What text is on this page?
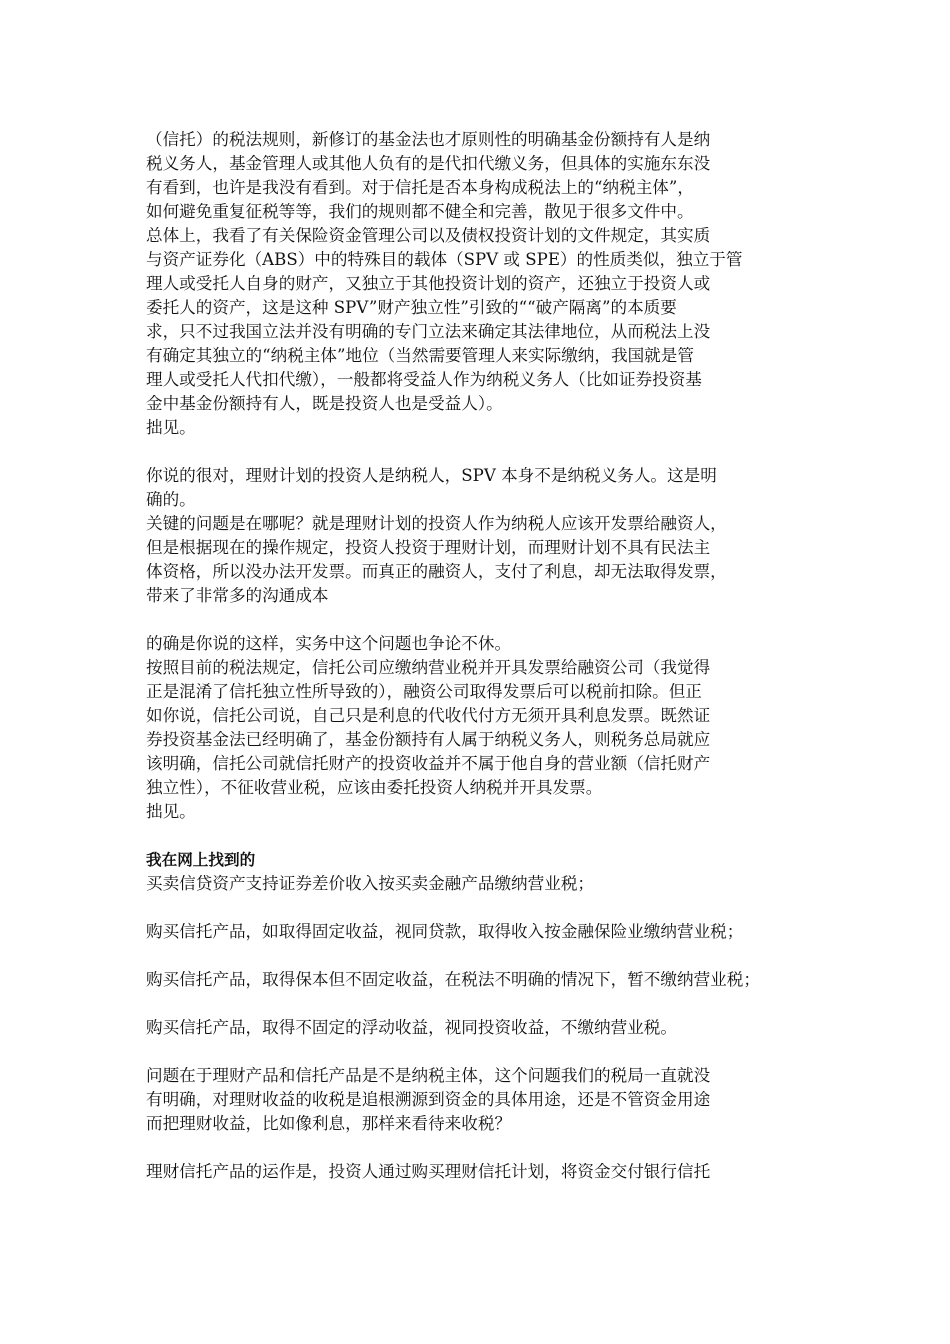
（信托）的税法规则，新修订的基金法也才原则性的明确基金份额持有人是纳
税义务人，基金管理人或其他人负有的是代扣代缴义务，但具体的实施东东没
有看到，也许是我没有看到。对于信托是否本身构成税法上的“纳税主体”，
如何避免重复征税等等，我们的规则都不健全和完善，散见于很多文件中。
总体上，我看了有关保险资金管理公司以及债权投资计划的文件规定，其实质
与资产证券化（ABS）中的特殊目的载体（SPV 或 SPE）的性质类似，独立于管
理人或受托人自身的财产，又独立于其他投资计划的资产，还独立于投资人或
委托人的资产，这是这种 SPV”财产独立性”引致的““破产隔离”的本质要
求，只不过我国立法并没有明确的专门立法来确定其法律地位，从而税法上没
有确定其独立的“纳税主体”地位（当然需要管理人来实际缴纳，我国就是管
理人或受托人代扣代缴），一般都将受益人作为纳税义务人（比如证券投资基
金中基金份额持有人，既是投资人也是受益人）。
拙见。
你说的很对，理财计划的投资人是纳税人，SPV 本身不是纳税义务人。这是明
确的。
关键的问题是在哪呢？就是理财计划的投资人作为纳税人应该开发票给融资人，
但是根据现在的操作规定，投资人投资于理财计划，而理财计划不具有民法主
体资格，所以没办法开发票。而真正的融资人，支付了利息，却无法取得发票，
带来了非常多的沟通成本
的确是你说的这样，实务中这个问题也争论不休。
按照目前的税法规定，信托公司应缴纳营业税并开具发票给融资公司（我觉得
正是混淆了信托独立性所导致的），融资公司取得发票后可以税前扣除。但正
如你说，信托公司说，自己只是利息的代收代付方无须开具利息发票。既然证
券投资基金法已经明确了，基金份额持有人属于纳税义务人，则税务总局就应
该明确，信托公司就信托财产的投资收益并不属于他自身的营业额（信托财产
独立性），不征收营业税，应该由委托投资人纳税并开具发票。
拙见。
我在网上找到的
买卖信贷资产支持证券差价收入按买卖金融产品缴纳营业税；
购买信托产品，如取得固定收益，视同贷款，取得收入按金融保险业缴纳营业税；
购买信托产品，取得保本但不固定收益，在税法不明确的情况下，暂不缴纳营业税；
购买信托产品，取得不固定的浮动收益，视同投资收益，不缴纳营业税。
问题在于理财产品和信托产品是不是纳税主体，这个问题我们的税局一直就没
有明确，对理财收益的收税是追根溯源到资金的具体用途，还是不管资金用途
而把理财收益，比如像利息，那样来看待来收税？
理财信托产品的运作是，投资人通过购买理财信托计划，将资金交付银行信托
